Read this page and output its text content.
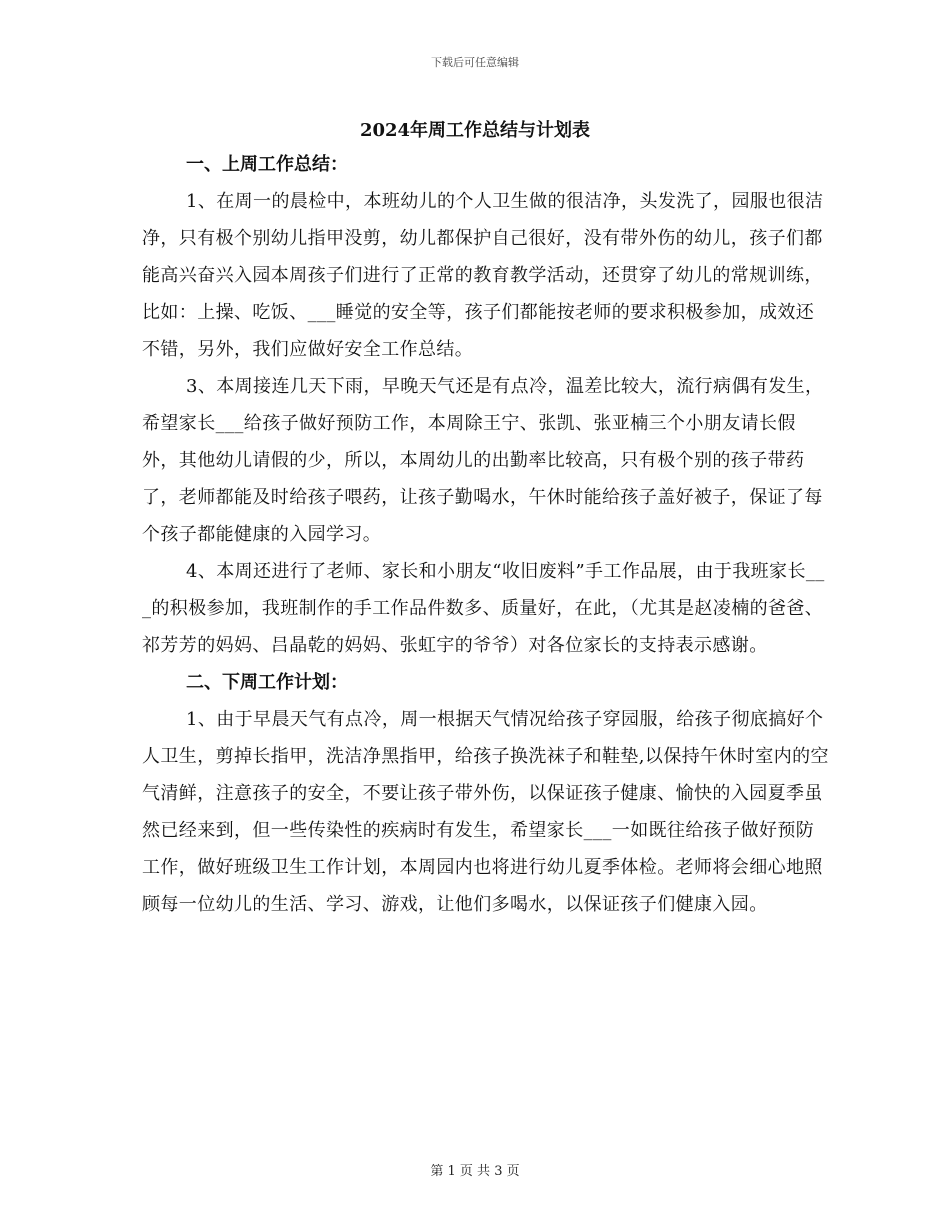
下载后可任意编辑
2024年周工作总结与计划表

一、上周工作总结：

1、在周一的晨检中，本班幼儿的个人卫生做的很洁净，头发洗了，园服也很洁净，只有极个别幼儿指甲没剪，幼儿都保护自己很好，没有带外伤的幼儿，孩子们都能高兴奋兴入园本周孩子们进行了正常的教育教学活动，还贯穿了幼儿的常规训练，比如：上操、吃饭、___睡觉的安全等，孩子们都能按老师的要求积极参加，成效还不错，另外，我们应做好安全工作总结。

3、本周接连几天下雨，早晚天气还是有点冷，温差比较大，流行病偶有发生，希望家长___给孩子做好预防工作，本周除王宁、张凯、张亚楠三个小朋友请长假外，其他幼儿请假的少，所以，本周幼儿的出勤率比较高，只有极个别的孩子带药了，老师都能及时给孩子喂药，让孩子勤喝水，午休时能给孩子盖好被子，保证了每个孩子都能健康的入园学习。

4、本周还进行了老师、家长和小朋友“收旧废料”手工作品展，由于我班家长___的积极参加，我班制作的手工作品件数多、质量好，在此，（尤其是赵凌楠的爸爸、祁芳芳的妈妈、吕晶乾的妈妈、张虹宇的爷爷）对各位家长的支持表示感谢。

二、下周工作计划：

1、由于早晨天气有点冷，周一根据天气情况给孩子穿园服，给孩子彻底搞好个人卫生，剪掉长指甲，洗洁净黑指甲，给孩子换洗袜子和鞋垫,以保持午休时室内的空气清鲜，注意孩子的安全，不要让孩子带外伤，以保证孩子健康、愉快的入园夏季虽然已经来到，但一些传染性的疾病时有发生，希望家长___一如既往给孩子做好预防工作，做好班级卫生工作计划，本周园内也将进行幼儿夏季体检。老师将会细心地照顾每一位幼儿的生活、学习、游戏，让他们多喝水，以保证孩子们健康入园。

第 1 页 共 3 页
